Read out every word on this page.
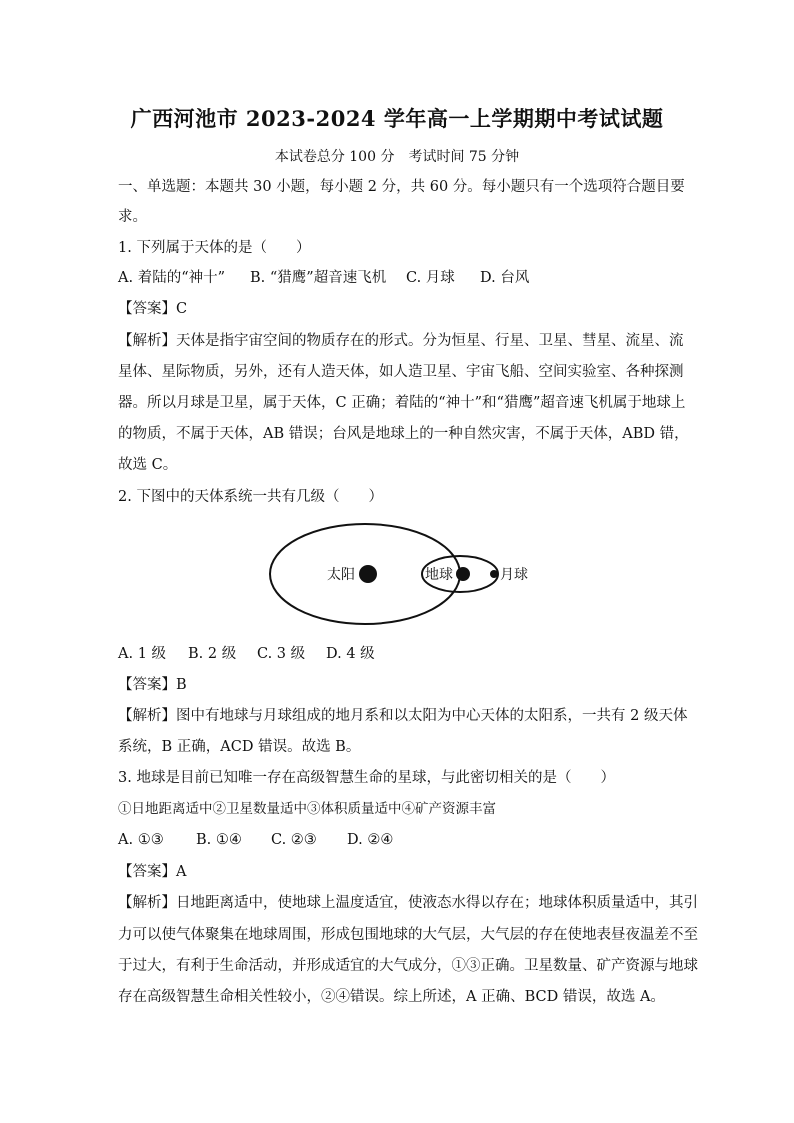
广西河池市 2023-2024 学年高一上学期期中考试试题
本试卷总分 100 分　考试时间 75 分钟
一、单选题：本题共 30 小题，每小题 2 分，共 60 分。每小题只有一个选项符合题目要
求。
1. 下列属于天体的是（　　）
A. 着陆的“神十” B. “猎鹰”超音速飞机 C. 月球 D. 台风
【答案】C
【解析】天体是指宇宙空间的物质存在的形式。分为恒星、行星、卫星、彗星、流星、流
星体、星际物质，另外，还有人造天体，如人造卫星、宇宙飞船、空间实验室、各种探测
器。所以月球是卫星，属于天体，C 正确；着陆的“神十”和“猎鹰”超音速飞机属于地球上
的物质，不属于天体，AB 错误；台风是地球上的一种自然灾害，不属于天体，ABD 错，
故选 C。
2. 下图中的天体系统一共有几级（　　）
太阳	地球	月球
A. 1 级 B. 2 级 C. 3 级 D. 4 级
【答案】B
【解析】图中有地球与月球组成的地月系和以太阳为中心天体的太阳系，一共有 2 级天体
系统，B 正确，ACD 错误。故选 B。
3. 地球是目前已知唯一存在高级智慧生命的星球，与此密切相关的是（　　）
①日地距离适中②卫星数量适中③体积质量适中④矿产资源丰富
A. ①③ B. ①④ C. ②③ D. ②④
【答案】A
【解析】日地距离适中，使地球上温度适宜，使液态水得以存在；地球体积质量适中，其引
力可以使气体聚集在地球周围，形成包围地球的大气层，大气层的存在使地表昼夜温差不至
于过大，有利于生命活动，并形成适宜的大气成分，①③正确。卫星数量、矿产资源与地球
存在高级智慧生命相关性较小，②④错误。综上所述，A 正确、BCD 错误，故选 A。
